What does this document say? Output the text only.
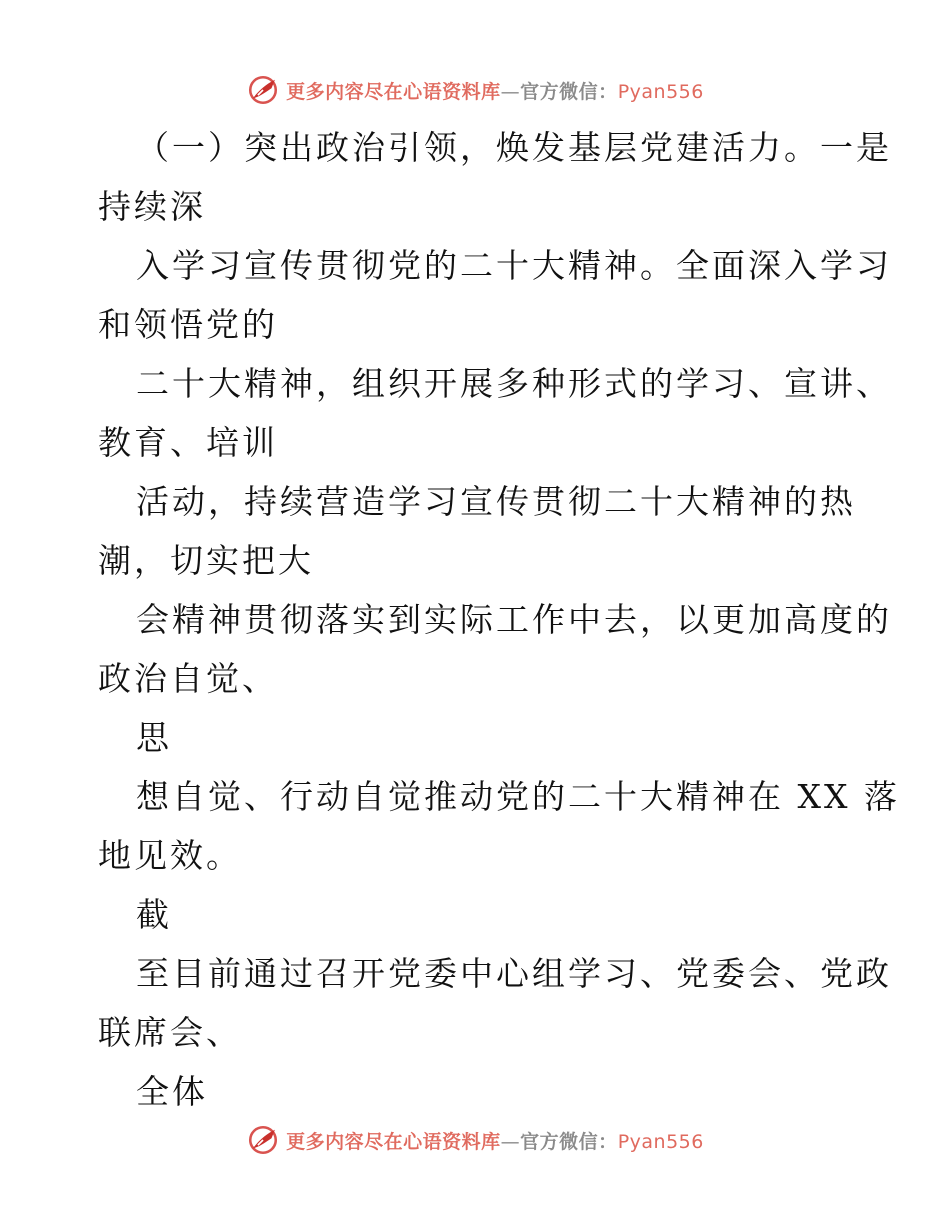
更多内容尽在心语资料库—官方微信：Pyan556
（一）突出政治引领，焕发基层党建活力。一是
持续深
入学习宣传贯彻党的二十大精神。全面深入学习
和领悟党的
二十大精神，组织开展多种形式的学习、宣讲、
教育、培训
活动，持续营造学习宣传贯彻二十大精神的热
潮，切实把大
会精神贯彻落实到实际工作中去，以更加高度的
政治自觉、
思
想自觉、行动自觉推动党的二十大精神在 XX 落
地见效。
截
至目前通过召开党委中心组学习、党委会、党政
联席会、
全体
更多内容尽在心语资料库—官方微信：Pyan556
